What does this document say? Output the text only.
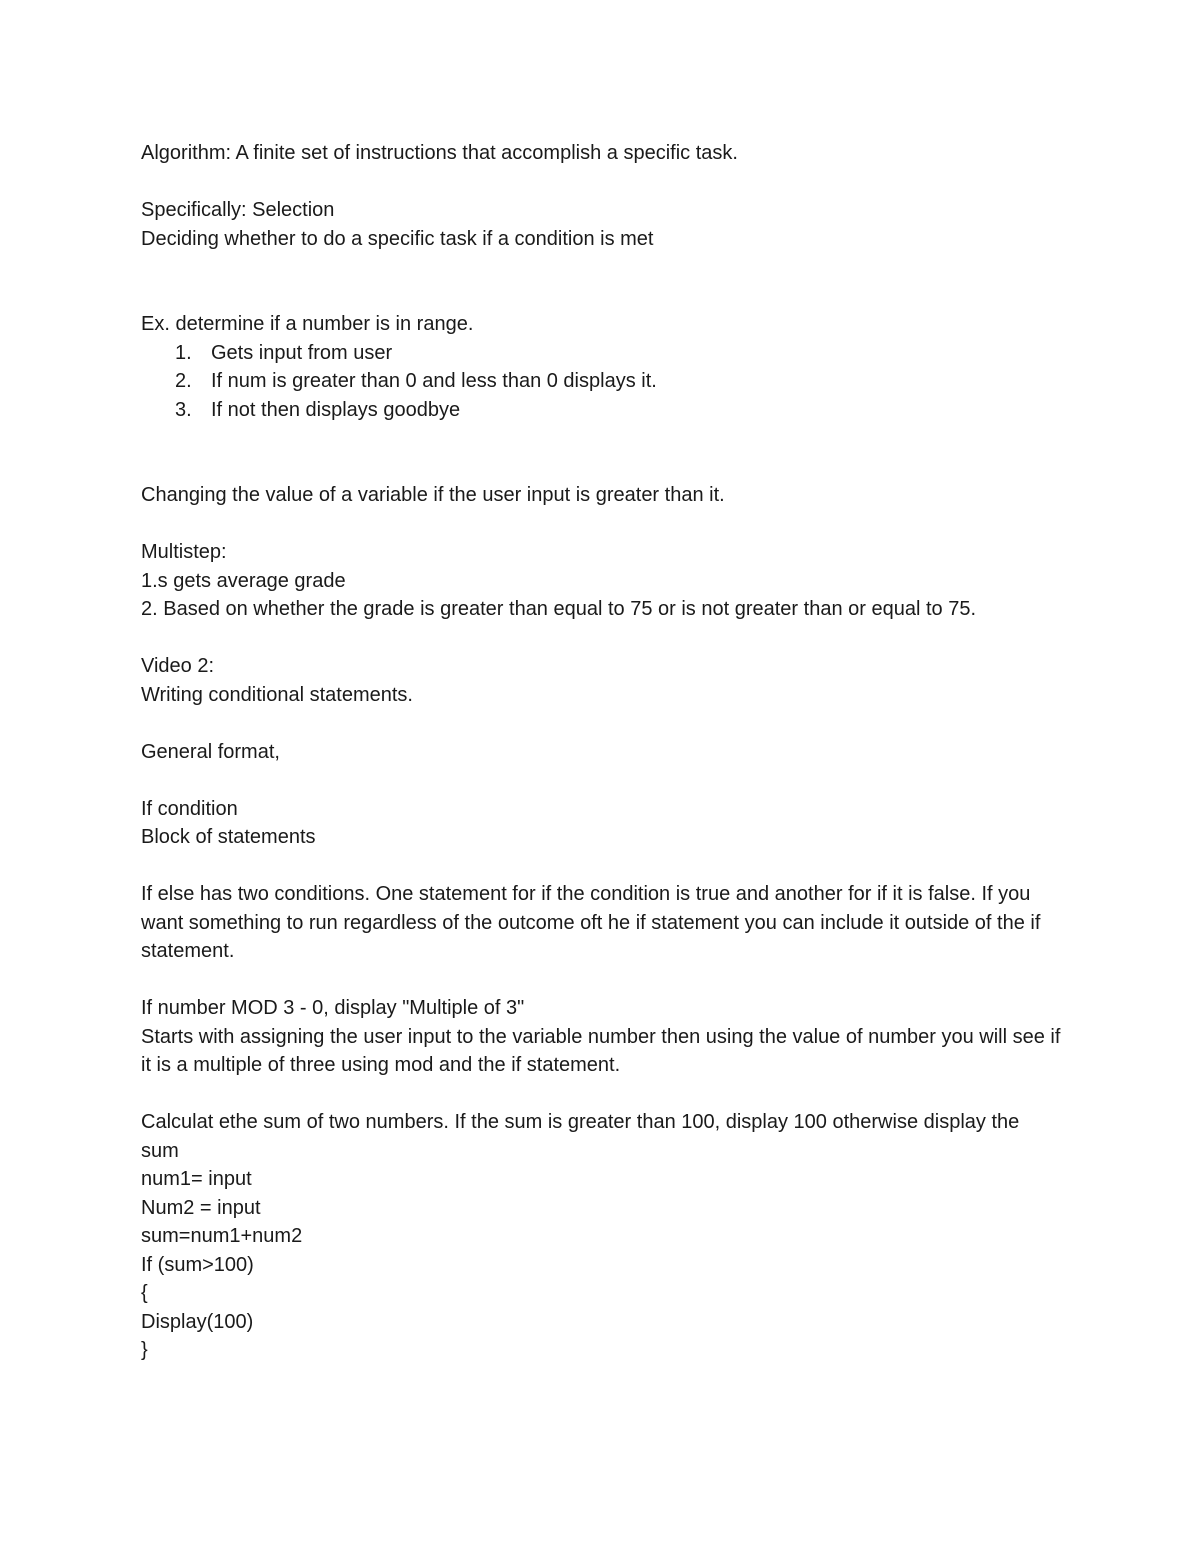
Algorithm: A finite set of instructions that accomplish a specific task.
Specifically: Selection
Deciding whether to do a specific task if a condition is met
Ex. determine if a number is in range.
1. Gets input from user
2. If num is greater than 0 and less than 0 displays it.
3. If not then displays goodbye
Changing the value of a variable if the user input is greater than it.
Multistep:
1.s gets average grade
2. Based on whether the grade is greater than equal to 75 or is not greater than or equal to 75.
Video 2:
Writing conditional statements.
General format,
If condition
Block of statements
If else has two conditions. One statement for if the condition is true and another for if it is false. If you want something to run regardless of the outcome oft he if statement you can include it outside of the if statement.
If number MOD 3 - 0, display "Multiple of 3"
Starts with assigning the user input to the variable number then using the value of number you will see if it is a multiple of three using mod and the if statement.
Calculat ethe sum of two numbers. If the sum is greater than 100, display 100 otherwise display the sum
num1= input
Num2 = input
sum=num1+num2
If (sum>100)
{
Display(100)
}
